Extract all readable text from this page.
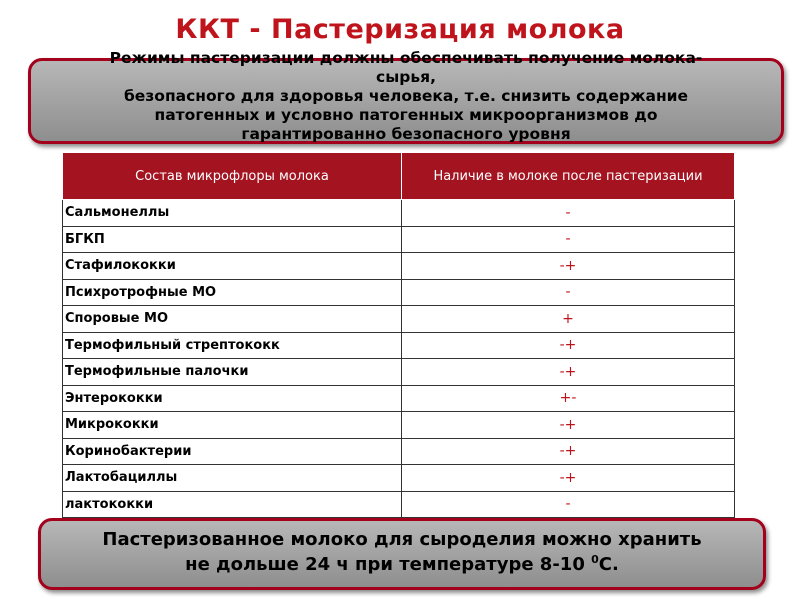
ККТ - Пастеризация молока
Режимы пастеризации должны обеспечивать получение молока-
сырья,
безопасного для здоровья человека, т.е. снизить содержание
патогенных и условно патогенных микроорганизмов до
гарантированно безопасного уровня
Состав микрофлоры молока	Наличие в молоке после пастеризации
Сальмонеллы	-
БГКП	-
Стафилококки	-+
Психротрофные МО	-
Споровые МО	+
Термофильный стрептококк	-+
Термофильные палочки	-+
Энтерококки	+-
Микрококки	-+
Коринобактерии	-+
Лактобациллы	-+
лактококки	-
Пастеризованное молоко для сыроделия можно хранить
не дольше 24 ч при температуре 8-10 $^0$С.
